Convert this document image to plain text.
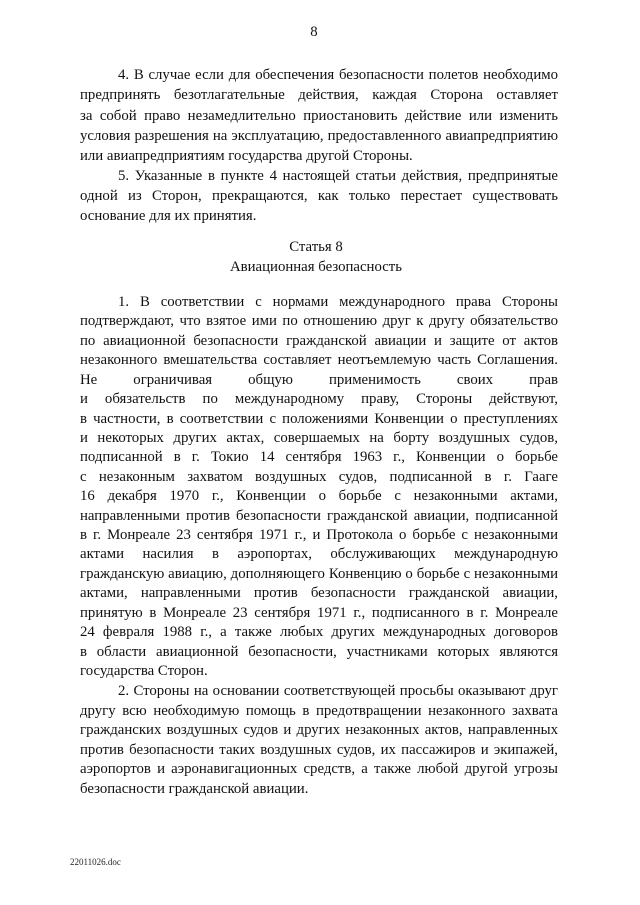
8
4. В случае если для обеспечения безопасности полетов необходимо
предпринять безотлагательные действия, каждая Сторона оставляет
за собой право незамедлительно приостановить действие или изменить
условия разрешения на эксплуатацию, предоставленного авиапредприятию
или авиапредприятиям государства другой Стороны.
5. Указанные в пункте 4 настоящей статьи действия, предпринятые
одной из Сторон, прекращаются, как только перестает существовать
основание для их принятия.
Статья 8
Авиационная безопасность
1. В соответствии с нормами международного права Стороны
подтверждают, что взятое ими по отношению друг к другу обязательство
по авиационной безопасности гражданской авиации и защите от актов
незаконного вмешательства составляет неотъемлемую часть Соглашения.
Не ограничивая общую применимость своих прав
и обязательств по международному праву, Стороны действуют,
в частности, в соответствии с положениями Конвенции о преступлениях
и некоторых других актах, совершаемых на борту воздушных судов,
подписанной в г. Токио 14 сентября 1963 г., Конвенции о борьбе
с незаконным захватом воздушных судов, подписанной в г. Гааге
16 декабря 1970 г., Конвенции о борьбе с незаконными актами,
направленными против безопасности гражданской авиации, подписанной
в г. Монреале 23 сентября 1971 г., и Протокола о борьбе с незаконными
актами насилия в аэропортах, обслуживающих международную
гражданскую авиацию, дополняющего Конвенцию о борьбе с незаконными
актами, направленными против безопасности гражданской авиации,
принятую в Монреале 23 сентября 1971 г., подписанного в г. Монреале
24 февраля 1988 г., а также любых других международных договоров
в области авиационной безопасности, участниками которых являются
государства Сторон.
2. Стороны на основании соответствующей просьбы оказывают друг
другу всю необходимую помощь в предотвращении незаконного захвата
гражданских воздушных судов и других незаконных актов, направленных
против безопасности таких воздушных судов, их пассажиров и экипажей,
аэропортов и аэронавигационных средств, а также любой другой угрозы
безопасности гражданской авиации.
22011026.doc
